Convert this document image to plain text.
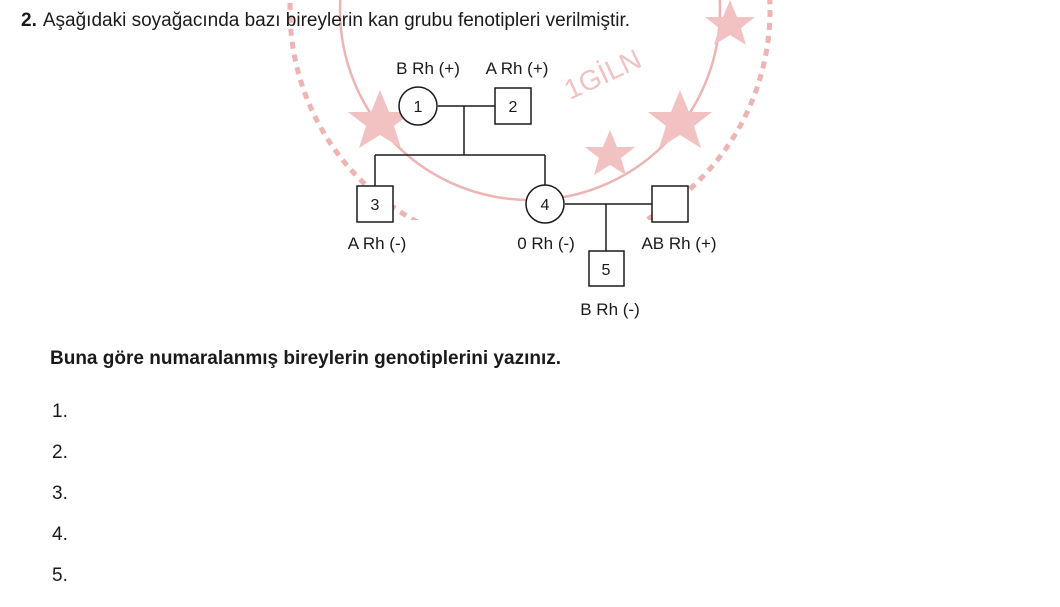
1GİLN
2. Aşağıdaki soyağacında bazı bireylerin kan grubu fenotipleri verilmiştir.
1
B Rh (+)
2
A Rh (+)
3
A Rh (-)
4
0 Rh (-)	AB Rh (+)
5
B Rh (-)
Buna göre numaralanmış bireylerin genotiplerini yazınız.
1.
2.
3.
4.
5.
